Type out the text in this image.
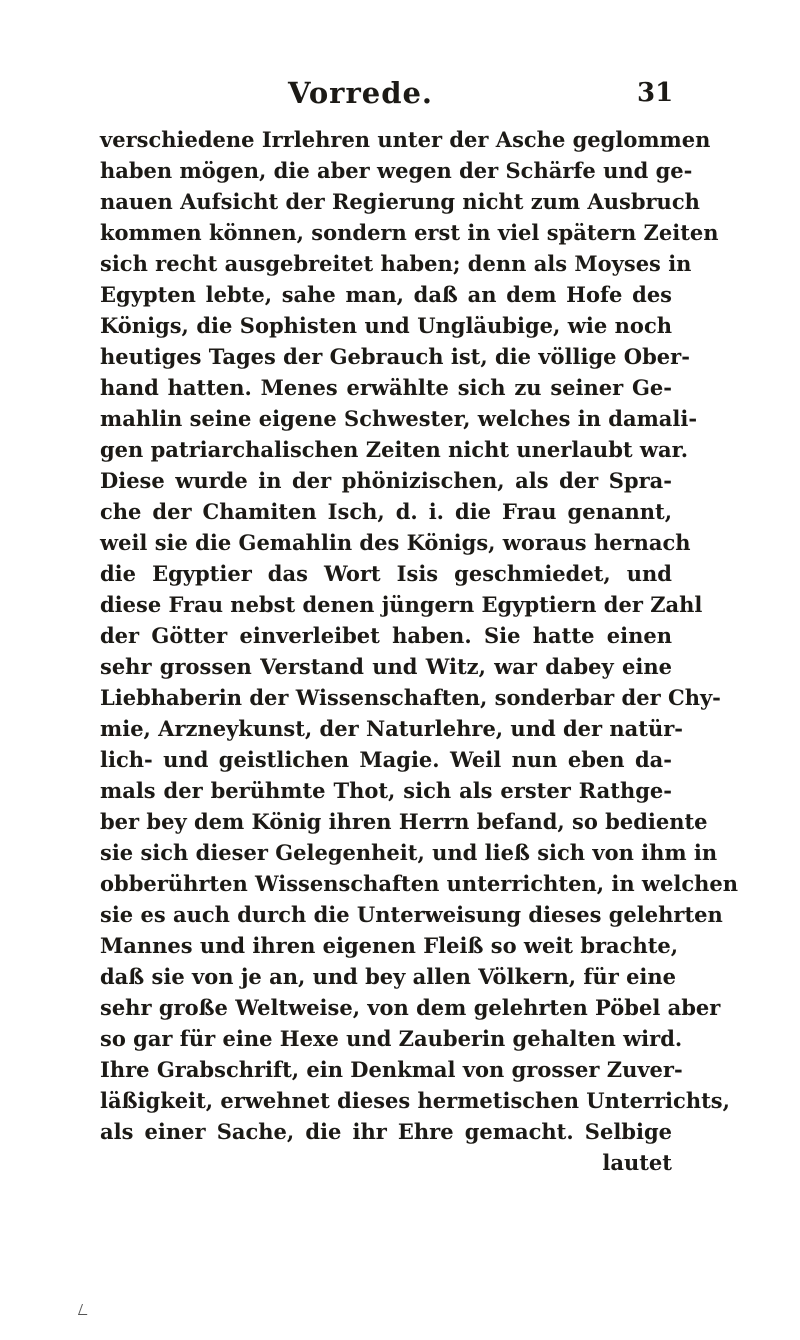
Vorrede.	31
verschiedene Irrlehren unter der Asche geglommen
haben mögen, die aber wegen der Schärfe und ge-
nauen Aufsicht der Regierung nicht zum Ausbruch
kommen können, sondern erst in viel spätern Zeiten
sich recht ausgebreitet haben; denn als Moyses in
Egypten lebte, sahe man, daß an dem Hofe des
Königs, die Sophisten und Ungläubige, wie noch
heutiges Tages der Gebrauch ist, die völlige Ober-
hand hatten. Menes erwählte sich zu seiner Ge-
mahlin seine eigene Schwester, welches in damali-
gen patriarchalischen Zeiten nicht unerlaubt war.
Diese wurde in der phönizischen, als der Spra-
che der Chamiten Isch, d. i. die Frau genannt,
weil sie die Gemahlin des Königs, woraus hernach
die Egyptier das Wort Isis geschmiedet, und
diese Frau nebst denen jüngern Egyptiern der Zahl
der Götter einverleibet haben. Sie hatte einen
sehr grossen Verstand und Witz, war dabey eine
Liebhaberin der Wissenschaften, sonderbar der Chy-
mie, Arzneykunst, der Naturlehre, und der natür-
lich- und geistlichen Magie. Weil nun eben da-
mals der berühmte Thot, sich als erster Rathge-
ber bey dem König ihren Herrn befand, so bediente
sie sich dieser Gelegenheit, und ließ sich von ihm in
obberührten Wissenschaften unterrichten, in welchen
sie es auch durch die Unterweisung dieses gelehrten
Mannes und ihren eigenen Fleiß so weit brachte,
daß sie von je an, und bey allen Völkern, für eine
sehr große Weltweise, von dem gelehrten Pöbel aber
so gar für eine Hexe und Zauberin gehalten wird.
Ihre Grabschrift, ein Denkmal von grosser Zuver-
läßigkeit, erwehnet dieses hermetischen Unterrichts,
als einer Sache, die ihr Ehre gemacht. Selbige
lautet
